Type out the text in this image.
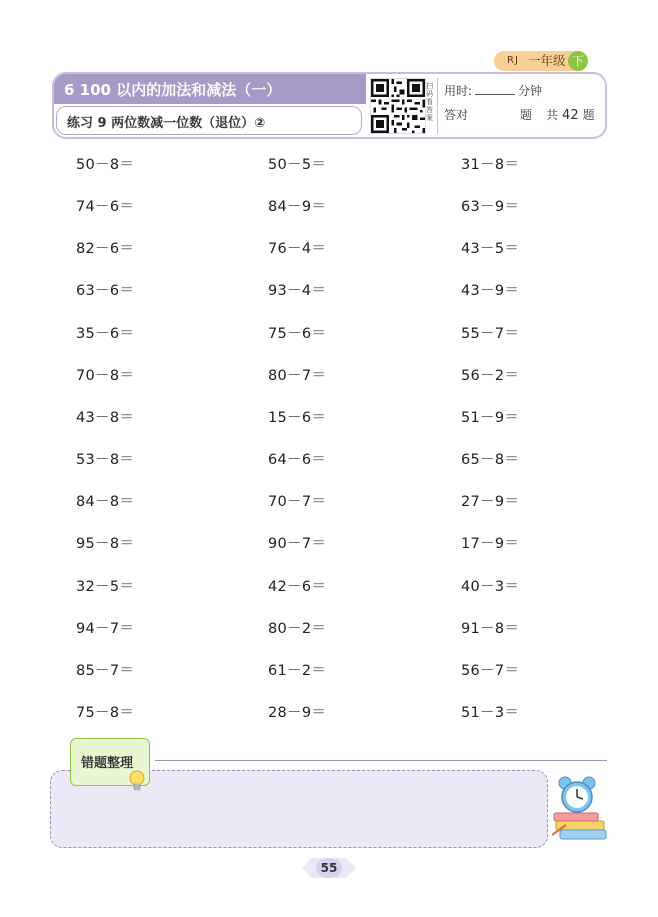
RJ 一年级 下
6 100 以内的加法和减法（一）
练习 9 两位数减一位数（退位）②
扫码看答案
用时:	分钟
答对	题 共 42 题
50－8＝
74－6＝
82－6＝
63－6＝
35－6＝
70－8＝
43－8＝
53－8＝
84－8＝
95－8＝
32－5＝
94－7＝
85－7＝
75－8＝
50－5＝
84－9＝
76－4＝
93－4＝
75－6＝
80－7＝
15－6＝
64－6＝
70－7＝
90－7＝
42－6＝
80－2＝
61－2＝
28－9＝
31－8＝
63－9＝
43－5＝
43－9＝
55－7＝
56－2＝
51－9＝
65－8＝
27－9＝
17－9＝
40－3＝
91－8＝
56－7＝
51－3＝
错题整理
55
